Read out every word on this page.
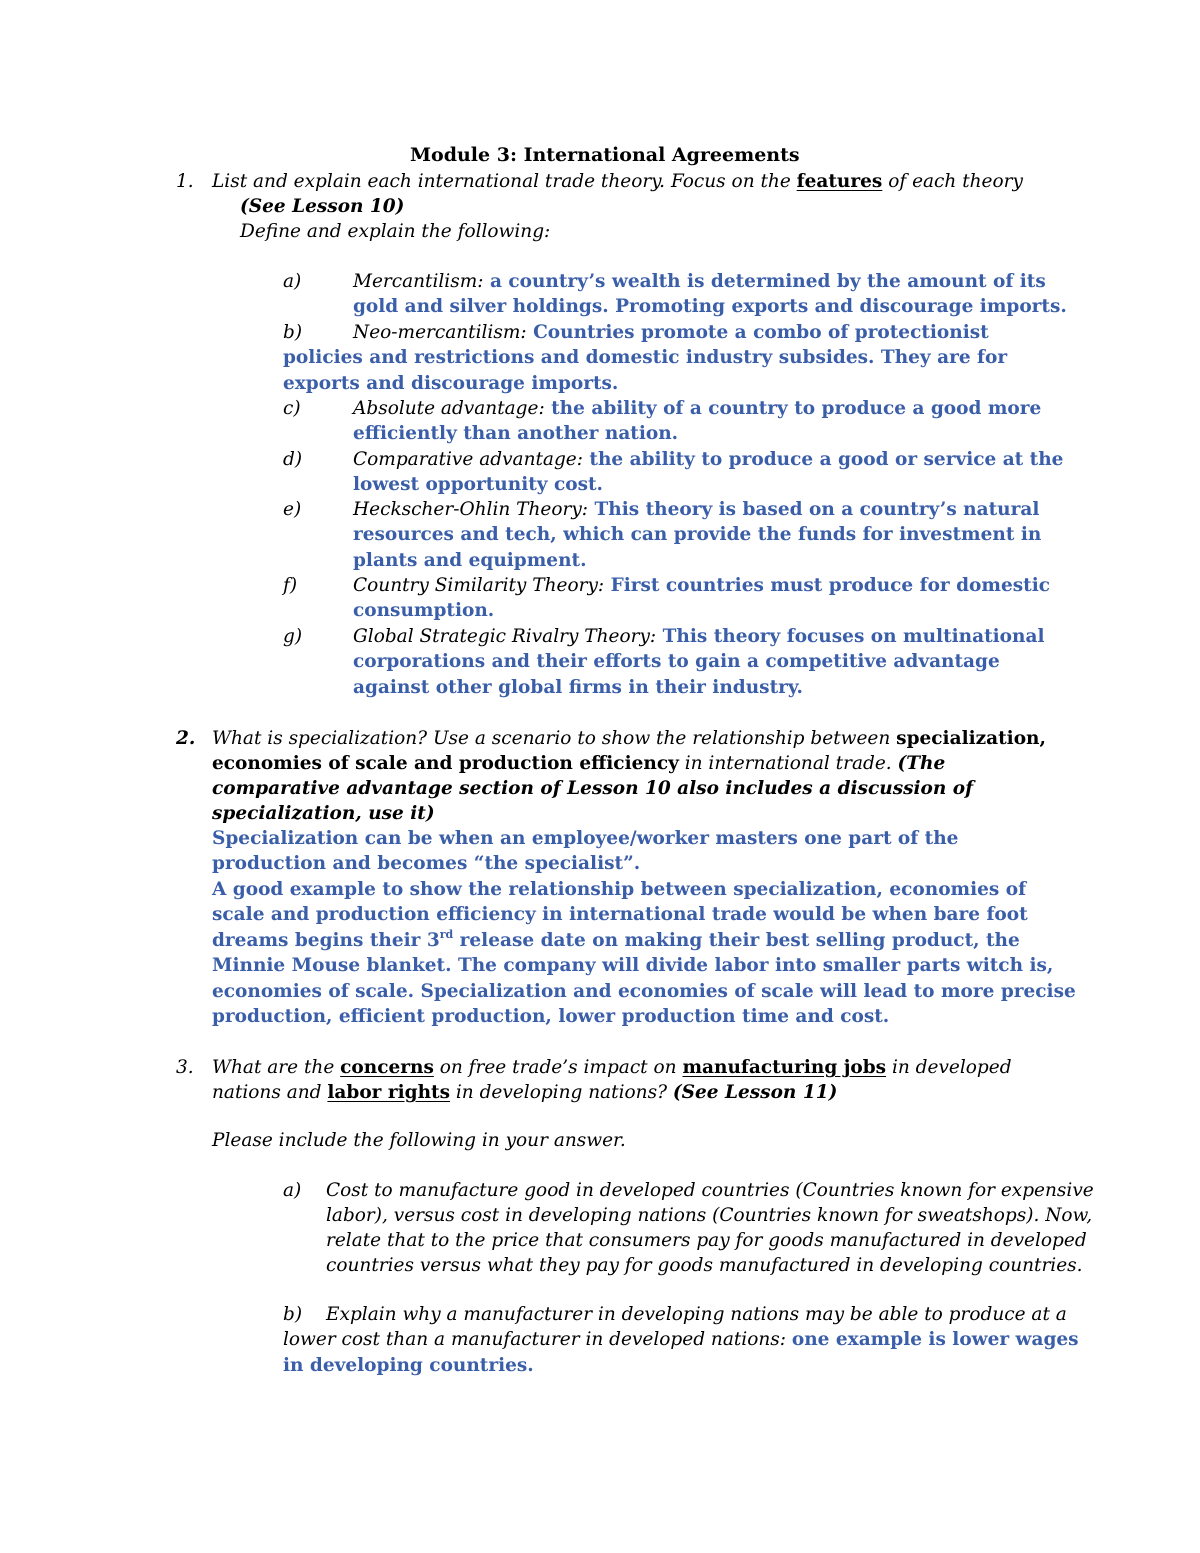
Module 3: International Agreements
1. List and explain each international trade theory. Focus on the features of each theory
(See Lesson 10)
Define and explain the following:
a)	Mercantilism: a country’s wealth is determined by the amount of its
gold and silver holdings. Promoting exports and discourage imports.
b)	Neo-mercantilism: Countries promote a combo of protectionist
policies and restrictions and domestic industry subsides. They are for
exports and discourage imports.
c)	Absolute advantage: the ability of a country to produce a good more
efficiently than another nation.
d)	Comparative advantage: the ability to produce a good or service at the
lowest opportunity cost.
e)	Heckscher-Ohlin Theory: This theory is based on a country’s natural
resources and tech, which can provide the funds for investment in
plants and equipment.
f)	Country Similarity Theory: First countries must produce for domestic
consumption.
g)	Global Strategic Rivalry Theory: This theory focuses on multinational
corporations and their efforts to gain a competitive advantage
against other global firms in their industry.
2. What is specialization? Use a scenario to show the relationship between specialization,
economies of scale and production efficiency in international trade. (The
comparative advantage section of Lesson 10 also includes a discussion of
specialization, use it)
Specialization can be when an employee/worker masters one part of the
production and becomes “the specialist”.
A good example to show the relationship between specialization, economies of
scale and production efficiency in international trade would be when bare foot
dreams begins their 3rd release date on making their best selling product, the
Minnie Mouse blanket. The company will divide labor into smaller parts witch is,
economies of scale. Specialization and economies of scale will lead to more precise
production, efficient production, lower production time and cost.
3. What are the concerns on free trade’s impact on manufacturing jobs in developed
nations and labor rights in developing nations? (See Lesson 11)
Please include the following in your answer.
a) Cost to manufacture good in developed countries (Countries known for expensive
labor), versus cost in developing nations (Countries known for sweatshops). Now,
relate that to the price that consumers pay for goods manufactured in developed
countries versus what they pay for goods manufactured in developing countries.
b) Explain why a manufacturer in developing nations may be able to produce at a
lower cost than a manufacturer in developed nations: one example is lower wages
in developing countries.
